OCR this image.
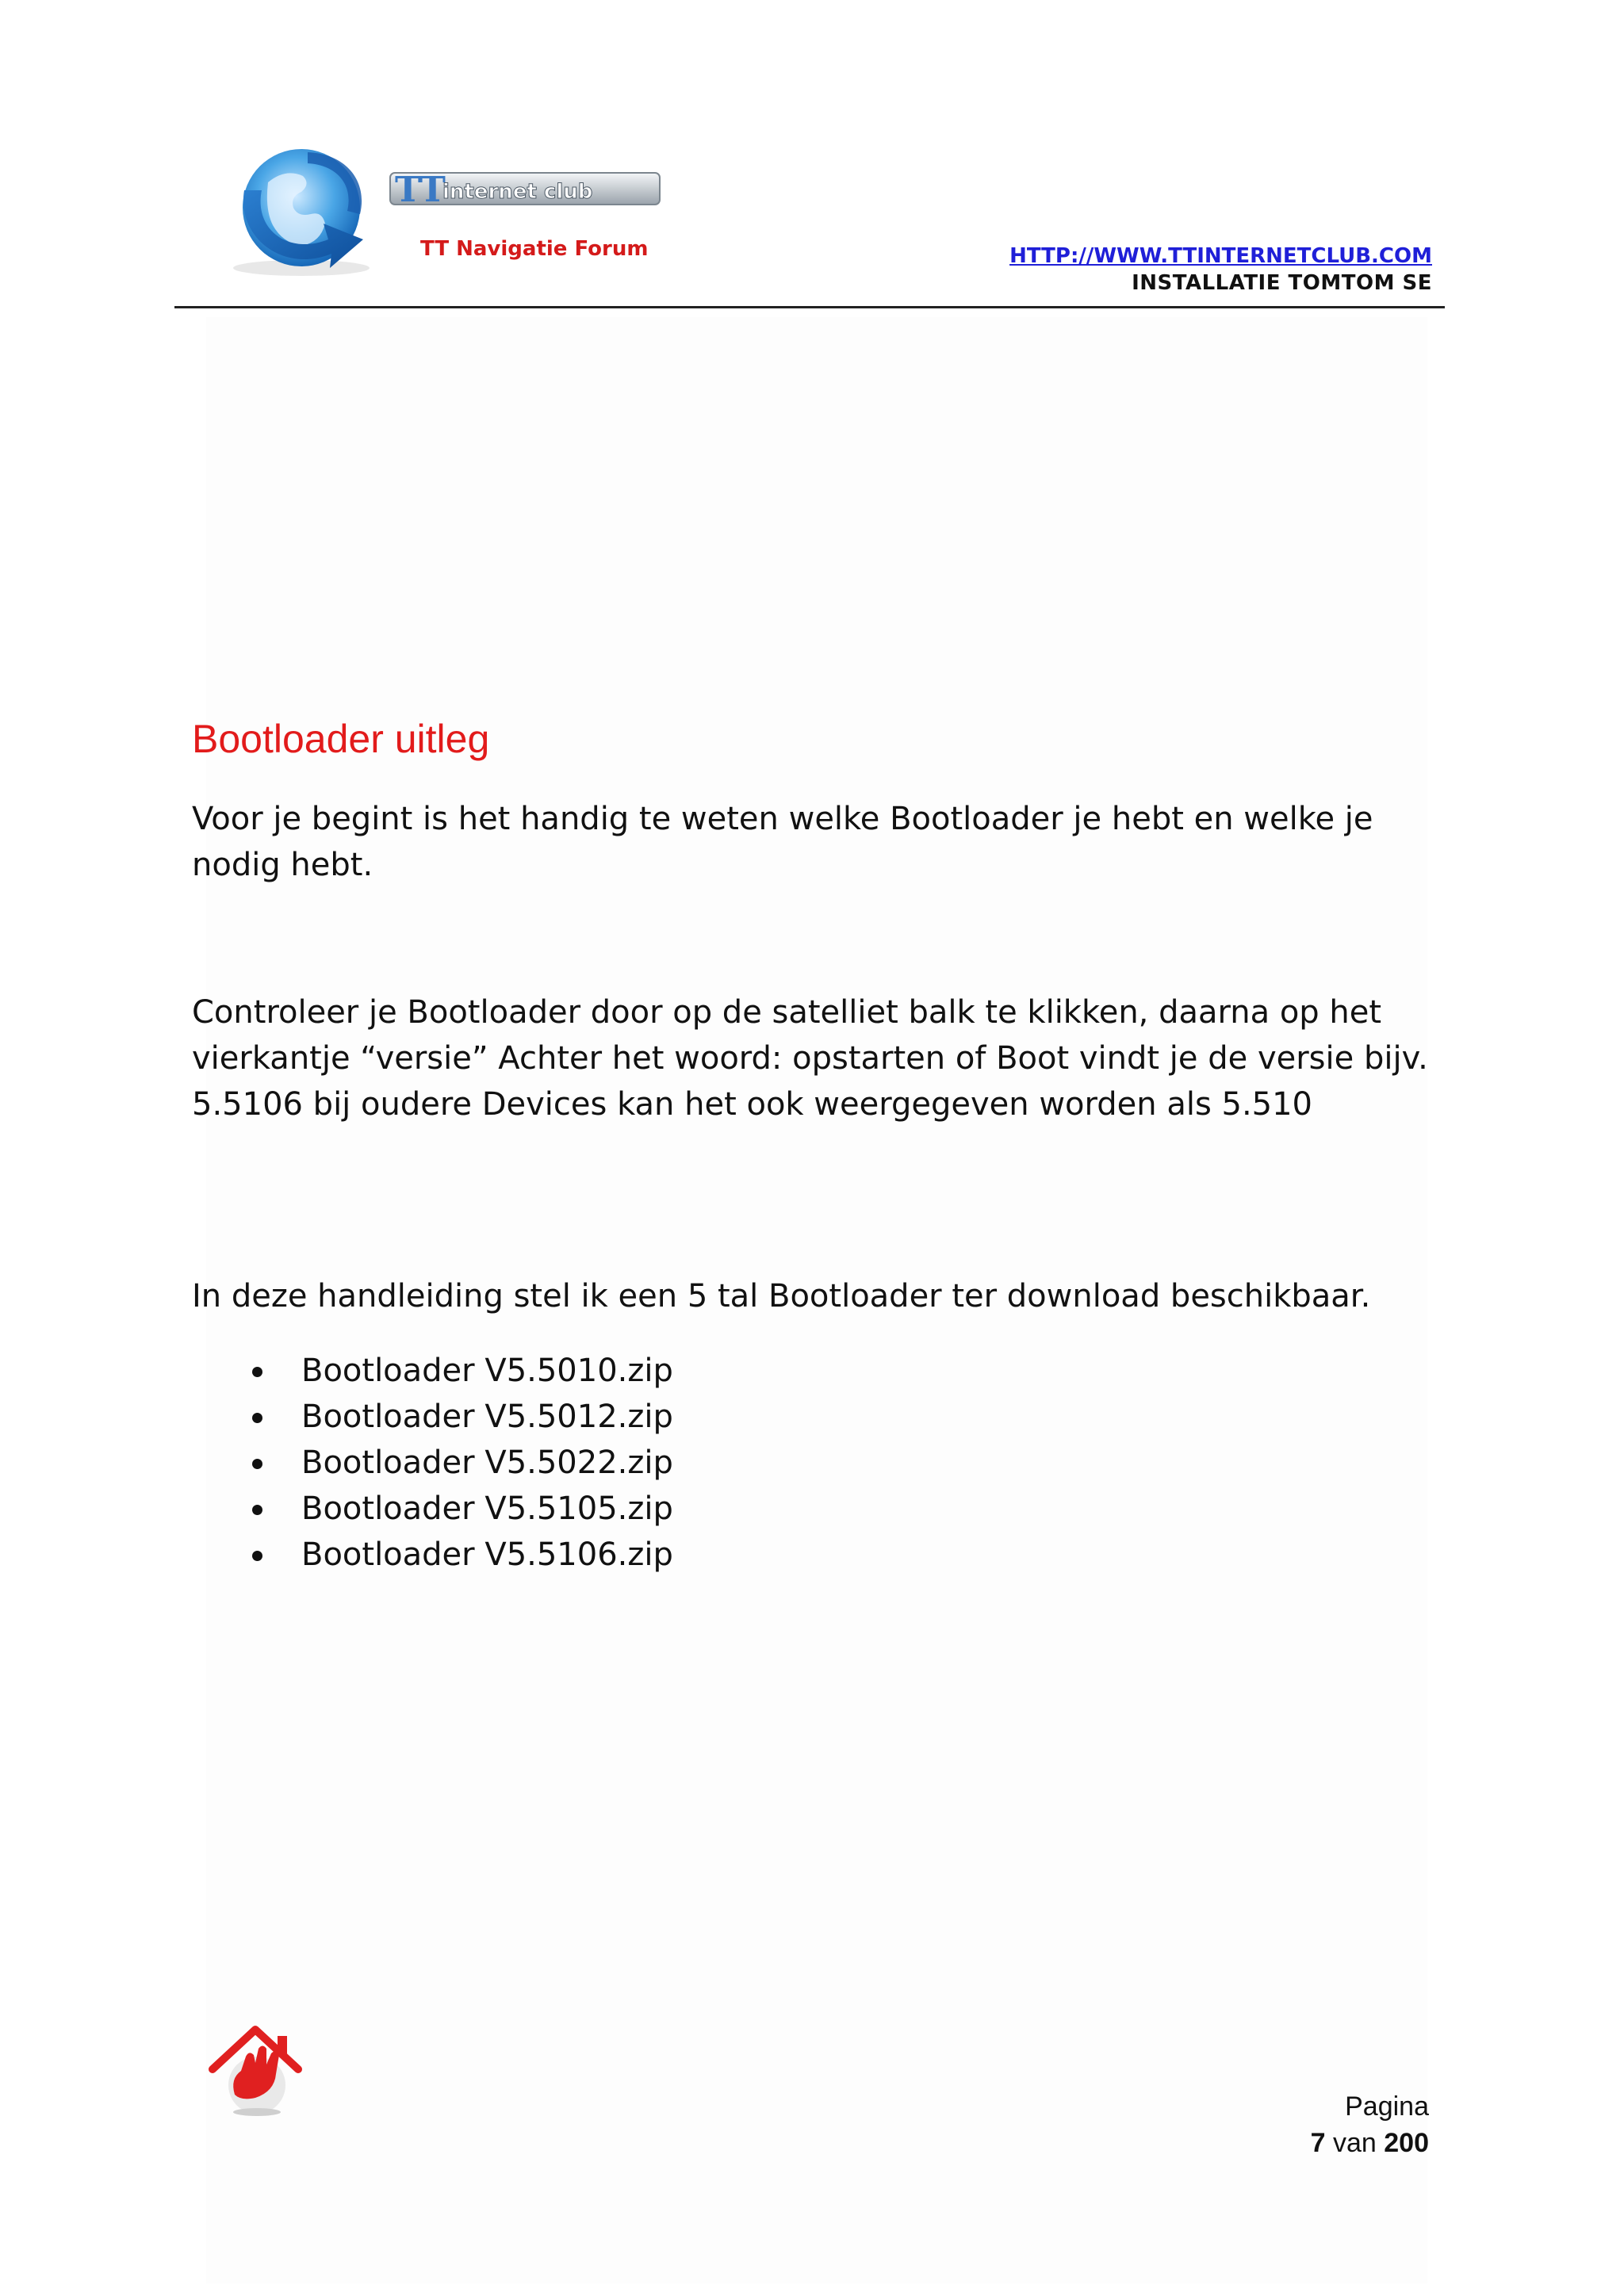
TT
internet club
TT Navigatie Forum	HTTP://WWW.TTINTERNETCLUB.COM
INSTALLATIE TOMTOM SE
Bootloader uitleg

Voor je begint is het handig te weten welke Bootloader je hebt en welke je nodig hebt.

Controleer je Bootloader door op de satelliet balk te klikken, daarna op het vierkantje “versie” Achter het woord: opstarten of Boot vindt je de versie bijv. 5.5106 bij oudere Devices kan het ook weergegeven worden als 5.510

In deze handleiding stel ik een 5 tal Bootloader ter download beschikbaar.

Bootloader V5.5010.zip
Bootloader V5.5012.zip
Bootloader V5.5022.zip
Bootloader V5.5105.zip
Bootloader V5.5106.zip
Pagina
7 van 200
